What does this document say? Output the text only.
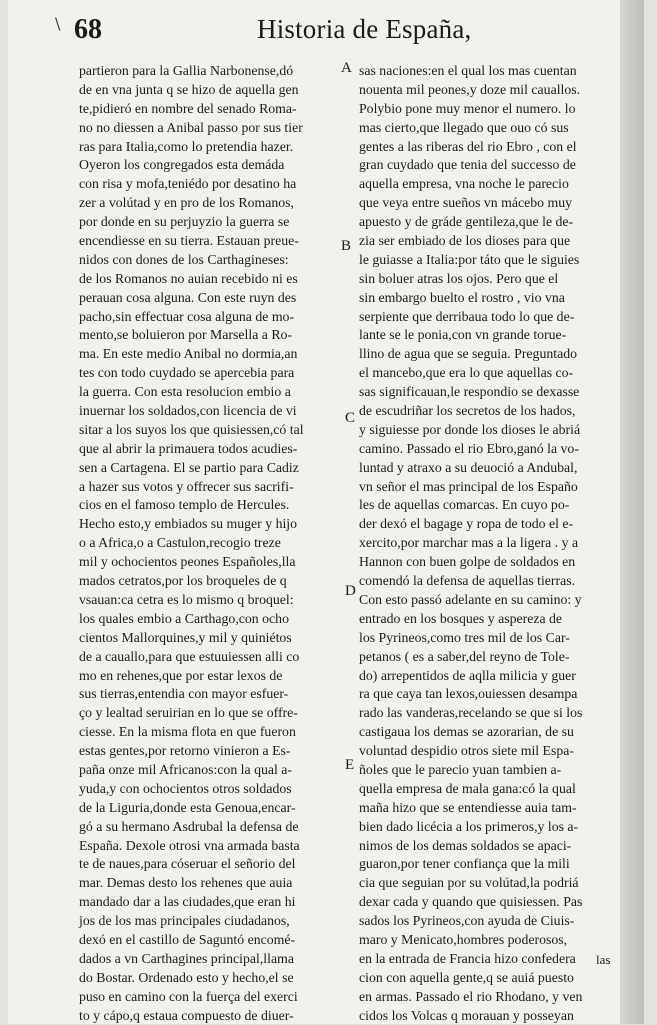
\ 68	Historia de España,
partieron para la Gallia Narbonense,dó
de en vna junta q se hizo de aquella gen
te,pidieró en nombre del senado Roma-
no no diessen a Anibal passo por sus tier
ras para Italia,como lo pretendia hazer.
Oyeron los congregados esta demáda
con risa y mofa,teniédo por desatino ha
zer a volútad y en pro de los Romanos,
por donde en su perjuyzio la guerra se
encendiesse en su tierra. Estauan preue-
nidos con dones de los Carthagineses:
de los Romanos no auian recebido ni es
perauan cosa alguna. Con este ruyn des
pacho,sin effectuar cosa alguna de mo-
mento,se boluieron por Marsella a Ro-
ma. En este medio Anibal no dormia,an
tes con todo cuydado se apercebia para
la guerra. Con esta resolucion embio a
inuernar los soldados,con licencia de vi
sitar a los suyos los que quisiessen,có tal
que al abrir la primauera todos acudies-
sen a Cartagena. El se partio para Cadiz
a hazer sus votos y offrecer sus sacrifi-
cios en el famoso templo de Hercules.
Hecho esto,y embiados su muger y hijo
o a Africa,o a Castulon,recogio treze
mil y ochocientos peones Españoles,lla
mados cetratos,por los broqueles de q
vsauan:ca cetra es lo mismo q broquel:
los quales embio a Carthago,con ocho
cientos Mallorquines,y mil y quiniétos
de a cauallo,para que estuuiessen alli co
mo en rehenes,que por estar lexos de
sus tierras,entendia con mayor esfuer-
ço y lealtad seruirian en lo que se offre-
ciesse. En la misma flota en que fueron
estas gentes,por retorno vinieron a Es-
paña onze mil Africanos:con la qual a-
yuda,y con ochocientos otros soldados
de la Liguria,donde esta Genoua,encar-
gó a su hermano Asdrubal la defensa de
España. Dexole otrosi vna armada basta
te de naues,para cóseruar el señorio del
mar. Demas desto los rehenes que auia
mandado dar a las ciudades,que eran hi
jos de los mas principales ciudadanos,
dexó en el castillo de Saguntó encomé-
dados a vn Carthagines principal,llama
do Bostar. Ordenado esto y hecho,el se
puso en camino con la fuerça del exerci
to y cápo,q estaua compuesto de diuer-
sas naciones:en el qual los mas cuentan
nouenta mil peones,y doze mil cauallos.
Polybio pone muy menor el numero. lo
mas cierto,que llegado que ouo có sus
gentes a las riberas del rio Ebro , con el
gran cuydado que tenia del successo de
aquella empresa, vna noche le parecio
que veya entre sueños vn mácebo muy
apuesto y de gráde gentileza,que le de-
zia ser embiado de los dioses para que
le guiasse a Italia:por táto que le siguies
sin boluer atras los ojos. Pero que el
sin embargo buelto el rostro , vio vna
serpiente que derribaua todo lo que de-
lante se le ponia,con vn grande torue-
llino de agua que se seguia. Preguntado
el mancebo,que era lo que aquellas co-
sas significauan,le respondio se dexasse
de escudriñar los secretos de los hados,
y siguiesse por donde los dioses le abriá
camino. Passado el rio Ebro,ganó la vo-
luntad y atraxo a su deuoció a Andubal,
vn señor el mas principal de los Españo
les de aquellas comarcas. En cuyo po-
der dexó el bagage y ropa de todo el e-
xercito,por marchar mas a la ligera . y a
Hannon con buen golpe de soldados en
comendó la defensa de aquellas tierras.
Con esto passó adelante en su camino: y
entrado en los bosques y aspereza de
los Pyrineos,como tres mil de los Car-
petanos ( es a saber,del reyno de Tole-
do) arrepentidos de aqlla milicia y guer
ra que caya tan lexos,ouiessen desampa
rado las vanderas,recelando se que si los
castigaua los demas se azorarian, de su
voluntad despidio otros siete mil Espa-
ñoles que le parecio yuan tambien a-
quella empresa de mala gana:có la qual
maña hizo que se entendiesse auia tam-
bien dado licécia a los primeros,y los a-
nimos de los demas soldados se apaci-
guaron,por tener confiança que la mili
cia que seguian por su volútad,la podriá
dexar cada y quando que quisiessen. Pas
sados los Pyrineos,con ayuda de Ciuis-
maro y Menicato,hombres poderosos,
en la entrada de Francia hizo confedera
cion con aquella gente,q se auiá puesto
en armas. Passado el rio Rhodano, y ven
cidos los Volcas q morauan y posseyan
A
B
C
D
E
las
